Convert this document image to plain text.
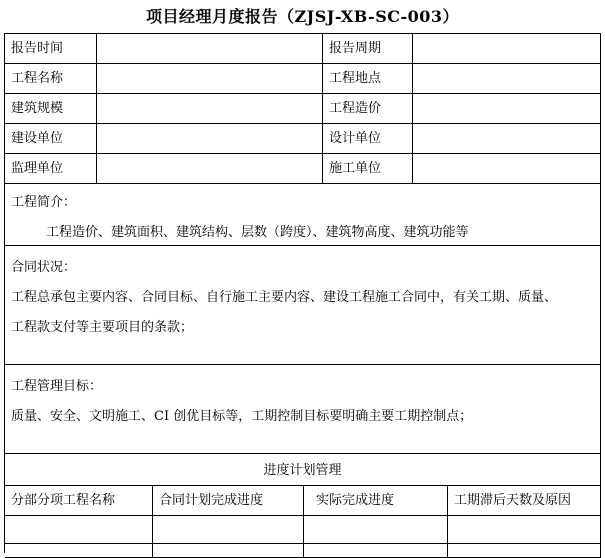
项目经理月度报告（ZJSJ-XB-SC-003）
报告时间	报告周期
工程名称	工程地点
建筑规模	工程造价
建设单位	设计单位
监理单位	施工单位
工程简介：
工程造价、建筑面积、建筑结构、层数（跨度）、建筑物高度、建筑功能等
合同状况：
工程总承包主要内容、合同目标、自行施工主要内容、建设工程施工合同中，有关工期、质量、
工程款支付等主要项目的条款；
工程管理目标：
质量、安全、文明施工、CI 创优目标等，工期控制目标要明确主要工期控制点；
进度计划管理
分部分项工程名称	合同计划完成进度	实际完成进度	工期滞后天数及原因
